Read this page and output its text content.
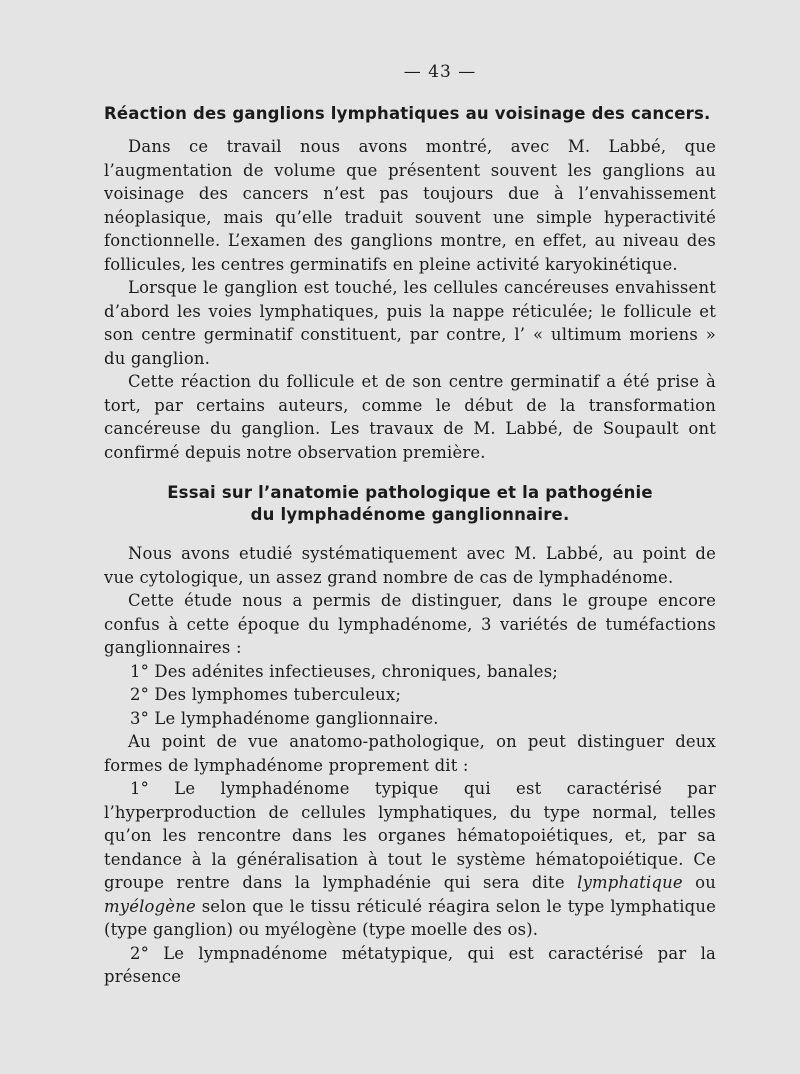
— 43 —
Réaction des ganglions lymphatiques au voisinage des cancers.

Dans ce travail nous avons montré, avec M. Labbé, que l’augmentation de volume que présentent souvent les ganglions au voisinage des cancers n’est pas toujours due à l’envahissement néoplasique, mais qu’elle traduit souvent une simple hyperactivité fonctionnelle. L’examen des ganglions montre, en effet, au niveau des follicules, les centres germinatifs en pleine activité karyokinétique.

Lorsque le ganglion est touché, les cellules cancéreuses envahissent d’abord les voies lymphatiques, puis la nappe réticulée; le follicule et son centre germinatif constituent, par contre, l’ « ultimum moriens » du ganglion.

Cette réaction du follicule et de son centre germinatif a été prise à tort, par certains auteurs, comme le début de la transformation cancéreuse du ganglion. Les travaux de M. Labbé, de Soupault ont confirmé depuis notre observation première.

Essai sur l’anatomie pathologique et la pathogénie
du lymphadénome ganglionnaire.

Nous avons etudié systématiquement avec M. Labbé, au point de vue cytologique, un assez grand nombre de cas de lymphadénome.

Cette étude nous a permis de distinguer, dans le groupe encore confus à cette époque du lymphadénome, 3 variétés de tuméfactions ganglionnaires :

1° Des adénites infectieuses, chroniques, banales;

2° Des lymphomes tuberculeux;

3° Le lymphadénome ganglionnaire.

Au point de vue anatomo-pathologique, on peut distinguer deux formes de lymphadénome proprement dit :

1° Le lymphadénome typique qui est caractérisé par l’hyperproduction de cellules lymphatiques, du type normal, telles qu’on les rencontre dans les organes hématopoiétiques, et, par sa tendance à la généralisation à tout le système hématopoiétique. Ce groupe rentre dans la lymphadénie qui sera dite lymphatique ou myélogène selon que le tissu réticulé réagira selon le type lymphatique (type ganglion) ou myélogène (type moelle des os).

2° Le lympnadénome métatypique, qui est caractérisé par la présence
